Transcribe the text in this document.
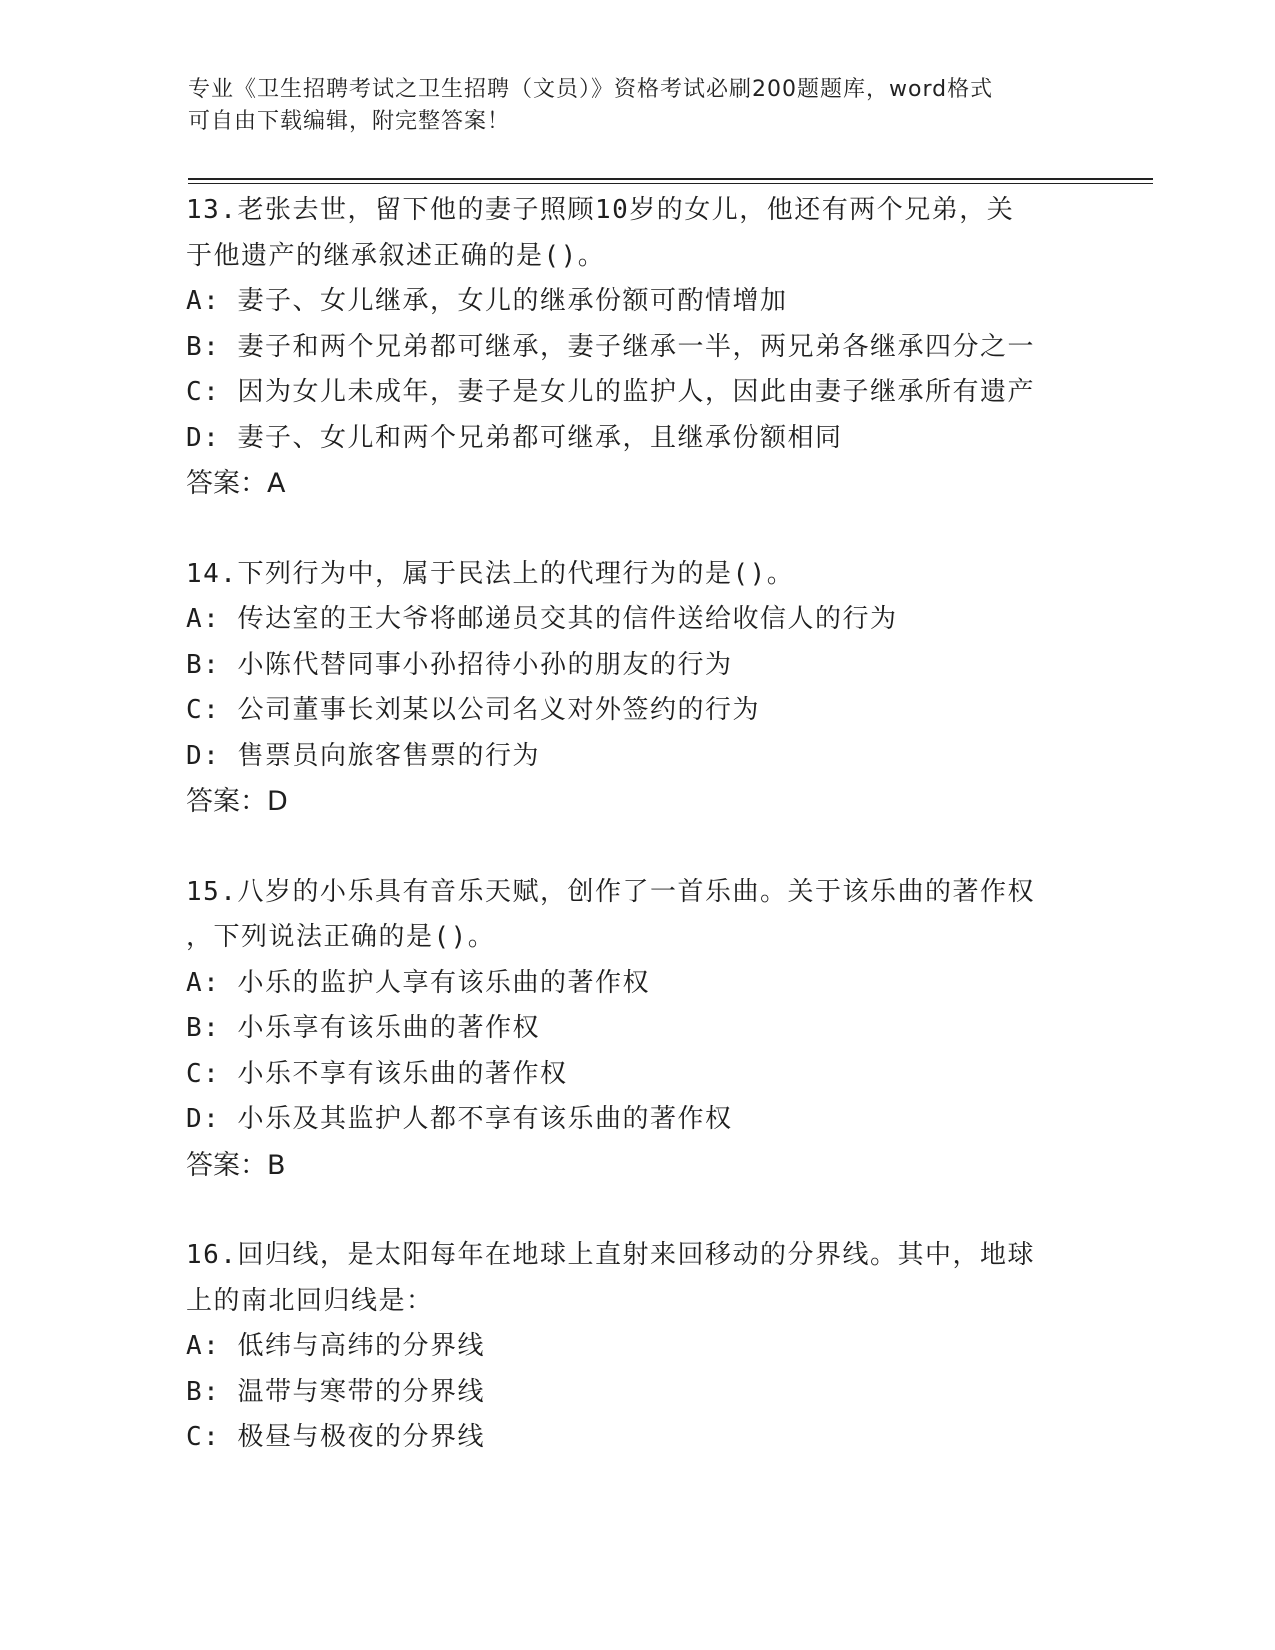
专业《卫生招聘考试之卫生招聘（文员）》资格考试必刷200题题库，word格式
可自由下载编辑，附完整答案！
13.老张去世，留下他的妻子照顾10岁的女儿，他还有两个兄弟，关
于他遗产的继承叙述正确的是()。
A: 妻子、女儿继承，女儿的继承份额可酌情增加
B: 妻子和两个兄弟都可继承，妻子继承一半，两兄弟各继承四分之一
C: 因为女儿未成年，妻子是女儿的监护人，因此由妻子继承所有遗产
D: 妻子、女儿和两个兄弟都可继承，且继承份额相同
答案：A
14.下列行为中，属于民法上的代理行为的是()。
A: 传达室的王大爷将邮递员交其的信件送给收信人的行为
B: 小陈代替同事小孙招待小孙的朋友的行为
C: 公司董事长刘某以公司名义对外签约的行为
D: 售票员向旅客售票的行为
答案：D
15.八岁的小乐具有音乐天赋，创作了一首乐曲。关于该乐曲的著作权
，下列说法正确的是()。
A: 小乐的监护人享有该乐曲的著作权
B: 小乐享有该乐曲的著作权
C: 小乐不享有该乐曲的著作权
D: 小乐及其监护人都不享有该乐曲的著作权
答案：B
16.回归线，是太阳每年在地球上直射来回移动的分界线。其中，地球
上的南北回归线是：
A: 低纬与高纬的分界线
B: 温带与寒带的分界线
C: 极昼与极夜的分界线
